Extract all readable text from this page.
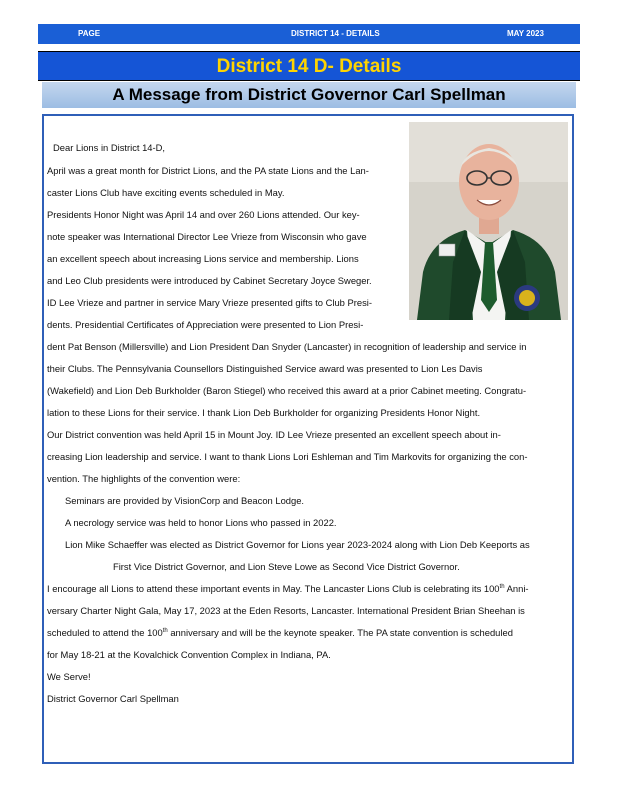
PAGE	DISTRICT 14 - DETAILS	MAY 2023
District 14 D- Details
A Message from District Governor Carl Spellman
Dear Lions in District 14-D,
April was a great month for District Lions, and the PA state Lions and the Lan-
caster Lions Club have exciting events scheduled in May.
Presidents Honor Night was April 14 and over 260 Lions attended. Our key-
note speaker was International Director Lee Vrieze from Wisconsin who gave
an excellent speech about increasing Lions service and membership. Lions
and Leo Club presidents were introduced by Cabinet Secretary Joyce Sweger.
ID Lee Vrieze and partner in service Mary Vrieze presented gifts to Club Presi-
dents. Presidential Certificates of Appreciation were presented to Lion Presi-
dent Pat Benson (Millersville) and Lion President Dan Snyder (Lancaster) in recognition of leadership and service in
their Clubs. The Pennsylvania Counsellors Distinguished Service award was presented to Lion Les Davis
(Wakefield) and Lion Deb Burkholder (Baron Stiegel) who received this award at a prior Cabinet meeting. Congratu-
lation to these Lions for their service. I thank Lion Deb Burkholder for organizing Presidents Honor Night.
Our District convention was held April 15 in Mount Joy. ID Lee Vrieze presented an excellent speech about in-
creasing Lion leadership and service. I want to thank Lions Lori Eshleman and Tim Markovits for organizing the con-
vention. The highlights of the convention were:
Seminars are provided by VisionCorp and Beacon Lodge.
A necrology service was held to honor Lions who passed in 2022.
Lion Mike Schaeffer was elected as District Governor for Lions year 2023-2024 along with Lion Deb Keeports as
First Vice District Governor, and Lion Steve Lowe as Second Vice District Governor.
I encourage all Lions to attend these important events in May. The Lancaster Lions Club is celebrating its 100th Anni-
versary Charter Night Gala, May 17, 2023 at the Eden Resorts, Lancaster. International President Brian Sheehan is
scheduled to attend the 100th anniversary and will be the keynote speaker. The PA state convention is scheduled
for May 18-21 at the Kovalchick Convention Complex in Indiana, PA.
We Serve!
District Governor Carl Spellman
